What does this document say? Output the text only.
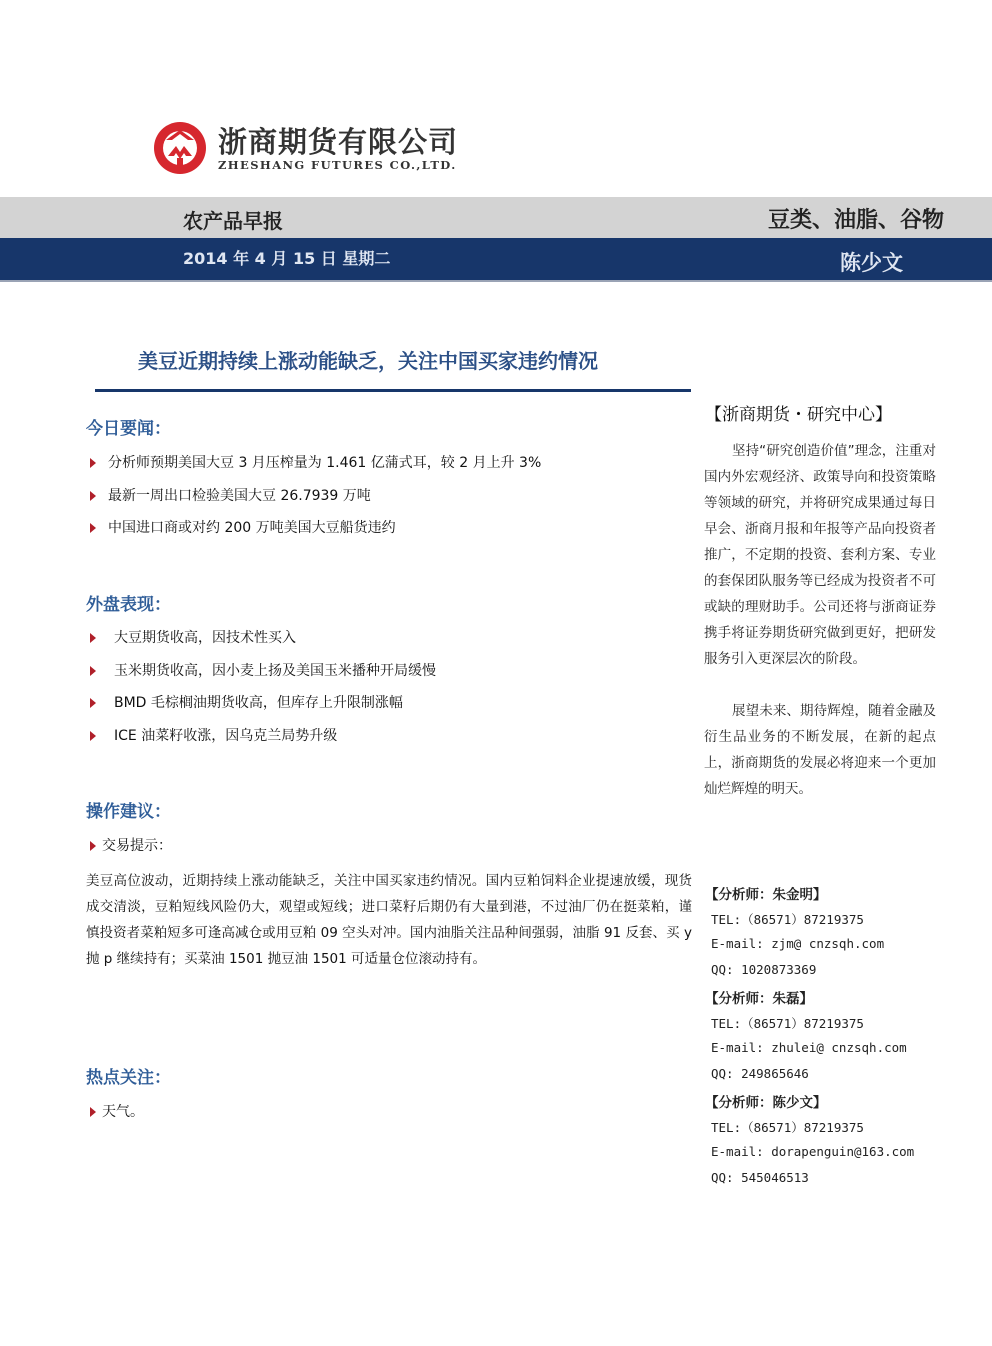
浙商期货有限公司
ZHESHANG FUTURES CO.,LTD.
农产品早报	豆类、油脂、谷物
2014 年 4 月 15 日 星期二	陈少文
美豆近期持续上涨动能缺乏，关注中国买家违约情况
今日要闻：
分析师预期美国大豆 3 月压榨量为 1.461 亿蒲式耳，较 2 月上升 3%
最新一周出口检验美国大豆 26.7939 万吨
中国进口商或对约 200 万吨美国大豆船货违约
外盘表现：
大豆期货收高，因技术性买入
玉米期货收高，因小麦上扬及美国玉米播种开局缓慢
BMD 毛棕榈油期货收高，但库存上升限制涨幅
ICE 油菜籽收涨，因乌克兰局势升级
操作建议：
交易提示：
美豆高位波动，近期持续上涨动能缺乏，关注中国买家违约情况。国内豆粕饲料企业提速放缓，现货成交清淡，豆粕短线风险仍大，观望或短线；进口菜籽后期仍有大量到港，不过油厂仍在挺菜粕，谨慎投资者菜粕短多可逢高减仓或用豆粕 09 空头对冲。国内油脂关注品种间强弱，油脂 91 反套、买 y 抛 p 继续持有；买菜油 1501 抛豆油 1501 可适量仓位滚动持有。
热点关注：
天气。
【浙商期货・研究中心】
坚持“研究创造价值”理念，注重对国内外宏观经济、政策导向和投资策略等领域的研究，并将研究成果通过每日早会、浙商月报和年报等产品向投资者推广，不定期的投资、套利方案、专业的套保团队服务等已经成为投资者不可或缺的理财助手。公司还将与浙商证券携手将证券期货研究做到更好，把研发服务引入更深层次的阶段。
展望未来、期待辉煌，随着金融及衍生品业务的不断发展，在新的起点上，浙商期货的发展必将迎来一个更加灿烂辉煌的明天。
【分析师：朱金明】
TEL:（86571）87219375
E-mail: zjm@ cnzsqh.com
QQ: 1020873369
【分析师：朱磊】
TEL:（86571）87219375
E-mail: zhulei@ cnzsqh.com
QQ: 249865646
【分析师：陈少文】
TEL:（86571）87219375
E-mail: dorapenguin@163.com
QQ: 545046513
